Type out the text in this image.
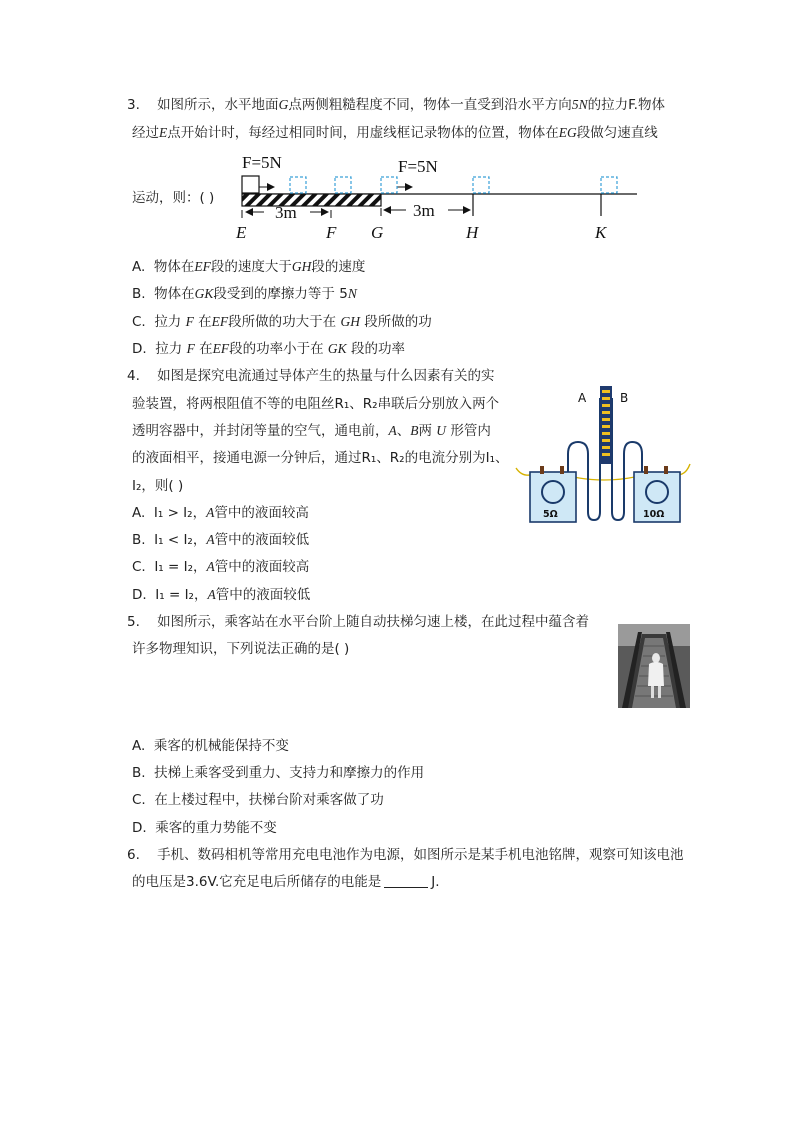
3. 如图所示，水平地面G点两侧粗糙程度不同，物体一直受到沿水平方向5N的拉力F.物体
经过E点开始计时，每经过相同时间，用虚线框记录物体的位置，物体在EG段做匀速直线
运动，则：( )
F=5N	F=5N
3m	3m
E	F G	H	K
A. 物体在EF段的速度大于GH段的速度
B. 物体在GK段受到的摩擦力等于 5N
C. 拉力 F 在EF段所做的功大于在 GH 段所做的功
D. 拉力 F 在EF段的功率小于在 GK 段的功率
4. 如图是探究电流通过导体产生的热量与什么因素有关的实
验装置，将两根阻值不等的电阻丝R₁、R₂串联后分别放入两个
透明容器中，并封闭等量的空气，通电前，A、B两 U 形管内
的液面相平，接通电源一分钟后，通过R₁、R₂的电流分别为I₁、
I₂，则( )
5Ω	10Ω
A	B
A. I₁ > I₂，A管中的液面较高
B. I₁ < I₂，A管中的液面较低
C. I₁ = I₂，A管中的液面较高
D. I₁ = I₂，A管中的液面较低
5. 如图所示，乘客站在水平台阶上随自动扶梯匀速上楼，在此过程中蕴含着
许多物理知识，下列说法正确的是( )
A. 乘客的机械能保持不变
B. 扶梯上乘客受到重力、支持力和摩擦力的作用
C. 在上楼过程中，扶梯台阶对乘客做了功
D. 乘客的重力势能不变
6. 手机、数码相机等常用充电电池作为电源，如图所示是某手机电池铭牌，观察可知该电池
的电压是3.6V.它充足电后所储存的电能是	J.
